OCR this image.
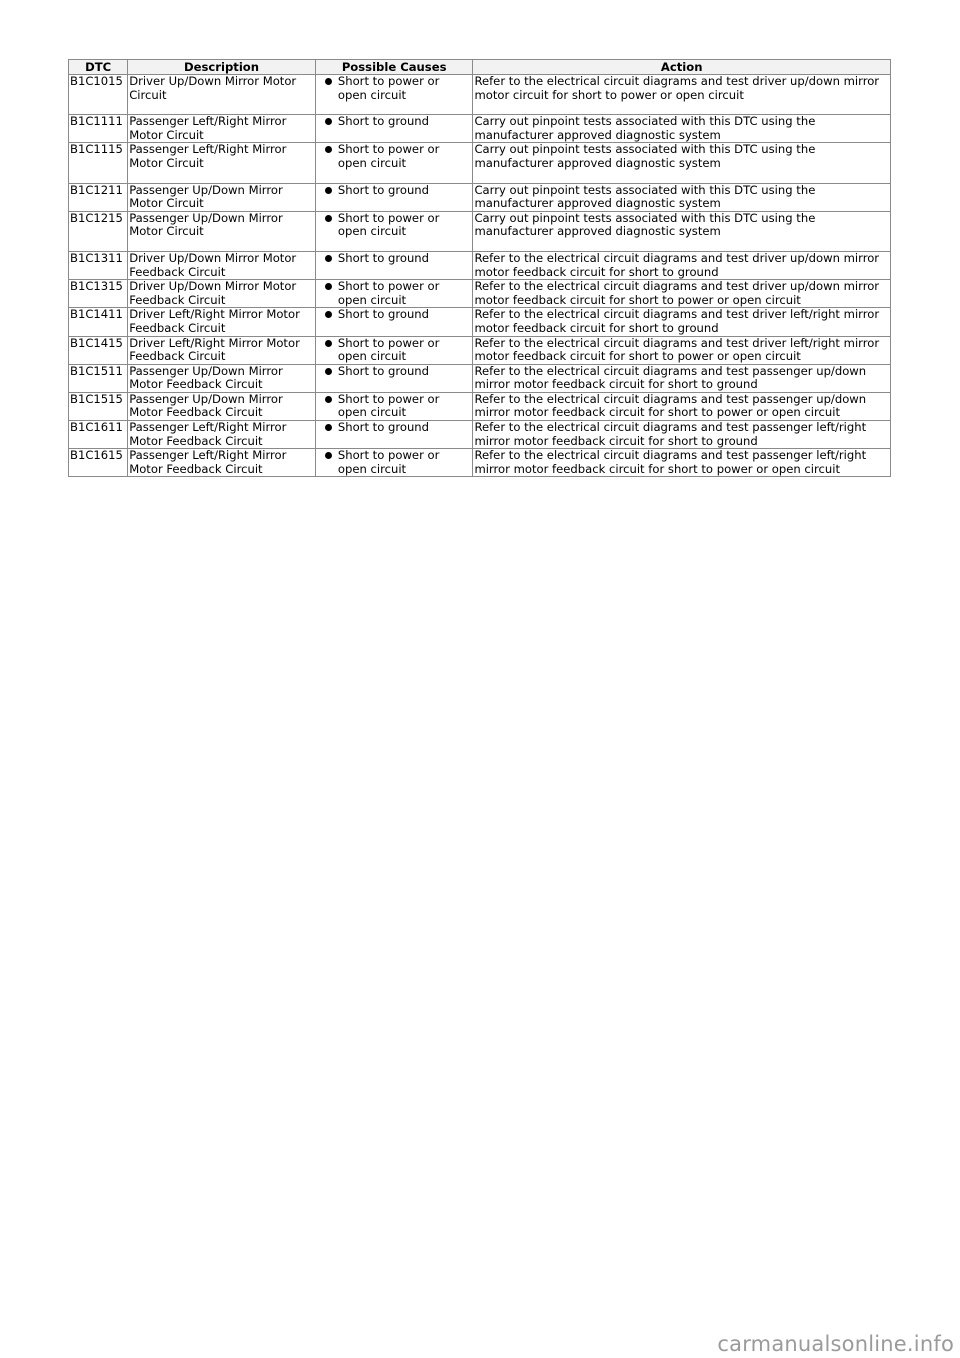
DTC	Description	Possible Causes	Action
B1C1015	Driver Up/Down Mirror Motor Circuit	Short to power or open circuit	Refer to the electrical circuit diagrams and test driver up/down mirror motor circuit for short to power or open circuit
B1C1111	Passenger Left/Right Mirror Motor Circuit	Short to ground	Carry out pinpoint tests associated with this DTC using the manufacturer approved diagnostic system
B1C1115	Passenger Left/Right Mirror Motor Circuit	Short to power or open circuit	Carry out pinpoint tests associated with this DTC using the manufacturer approved diagnostic system
B1C1211	Passenger Up/Down Mirror Motor Circuit	Short to ground	Carry out pinpoint tests associated with this DTC using the manufacturer approved diagnostic system
B1C1215	Passenger Up/Down Mirror Motor Circuit	Short to power or open circuit	Carry out pinpoint tests associated with this DTC using the manufacturer approved diagnostic system
B1C1311	Driver Up/Down Mirror Motor Feedback Circuit	Short to ground	Refer to the electrical circuit diagrams and test driver up/down mirror motor feedback circuit for short to ground
B1C1315	Driver Up/Down Mirror Motor Feedback Circuit	Short to power or open circuit	Refer to the electrical circuit diagrams and test driver up/down mirror motor feedback circuit for short to power or open circuit
B1C1411	Driver Left/Right Mirror Motor Feedback Circuit	Short to ground	Refer to the electrical circuit diagrams and test driver left/right mirror motor feedback circuit for short to ground
B1C1415	Driver Left/Right Mirror Motor Feedback Circuit	Short to power or open circuit	Refer to the electrical circuit diagrams and test driver left/right mirror motor feedback circuit for short to power or open circuit
B1C1511	Passenger Up/Down Mirror Motor Feedback Circuit	Short to ground	Refer to the electrical circuit diagrams and test passenger up/down mirror motor feedback circuit for short to ground
B1C1515	Passenger Up/Down Mirror Motor Feedback Circuit	Short to power or open circuit	Refer to the electrical circuit diagrams and test passenger up/down mirror motor feedback circuit for short to power or open circuit
B1C1611	Passenger Left/Right Mirror Motor Feedback Circuit	Short to ground	Refer to the electrical circuit diagrams and test passenger left/right mirror motor feedback circuit for short to ground
B1C1615	Passenger Left/Right Mirror Motor Feedback Circuit	Short to power or open circuit	Refer to the electrical circuit diagrams and test passenger left/right mirror motor feedback circuit for short to power or open circuit
carmanualsonline.info
